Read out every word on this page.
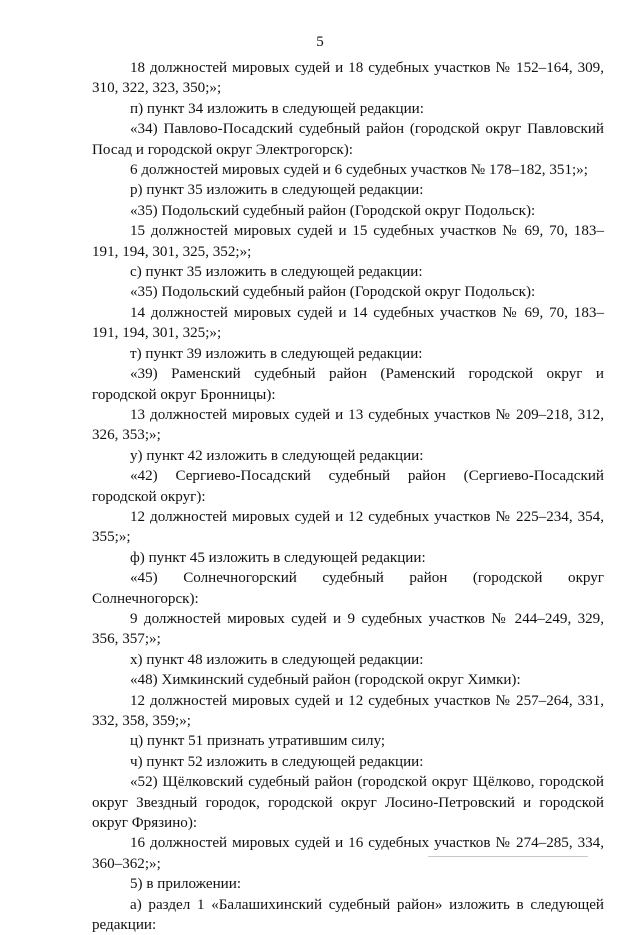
5
18 должностей мировых судей и 18 судебных участков № 152–164, 309, 310, 322, 323, 350;»;
п) пункт 34 изложить в следующей редакции:
«34) Павлово-Посадский судебный район (городской округ Павловский Посад и городской округ Электрогорск):
6 должностей мировых судей и 6 судебных участков № 178–182, 351;»;
р) пункт 35 изложить в следующей редакции:
«35) Подольский судебный район (Городской округ Подольск):
15 должностей мировых судей и 15 судебных участков № 69, 70, 183–191, 194, 301, 325, 352;»;
с) пункт 35 изложить в следующей редакции:
«35) Подольский судебный район (Городской округ Подольск):
14 должностей мировых судей и 14 судебных участков № 69, 70, 183–191, 194, 301, 325;»;
т) пункт 39 изложить в следующей редакции:
«39) Раменский судебный район (Раменский городской округ и городской округ Бронницы):
13 должностей мировых судей и 13 судебных участков № 209–218, 312, 326, 353;»;
у) пункт 42 изложить в следующей редакции:
«42) Сергиево-Посадский судебный район (Сергиево-Посадский городской округ):
12 должностей мировых судей и 12 судебных участков № 225–234, 354, 355;»;
ф) пункт 45 изложить в следующей редакции:
«45) Солнечногорский судебный район (городской округ Солнечногорск):
9 должностей мировых судей и 9 судебных участков № 244–249, 329, 356, 357;»;
х) пункт 48 изложить в следующей редакции:
«48) Химкинский судебный район (городской округ Химки):
12 должностей мировых судей и 12 судебных участков № 257–264, 331, 332, 358, 359;»;
ц) пункт 51 признать утратившим силу;
ч) пункт 52 изложить в следующей редакции:
«52) Щёлковский судебный район (городской округ Щёлково, городской округ Звездный городок, городской округ Лосино-Петровский и городской округ Фрязино):
16 должностей мировых судей и 16 судебных участков № 274–285, 334, 360–362;»;
5) в приложении:
а) раздел 1 «Балашихинский судебный район» изложить в следующей редакции:
